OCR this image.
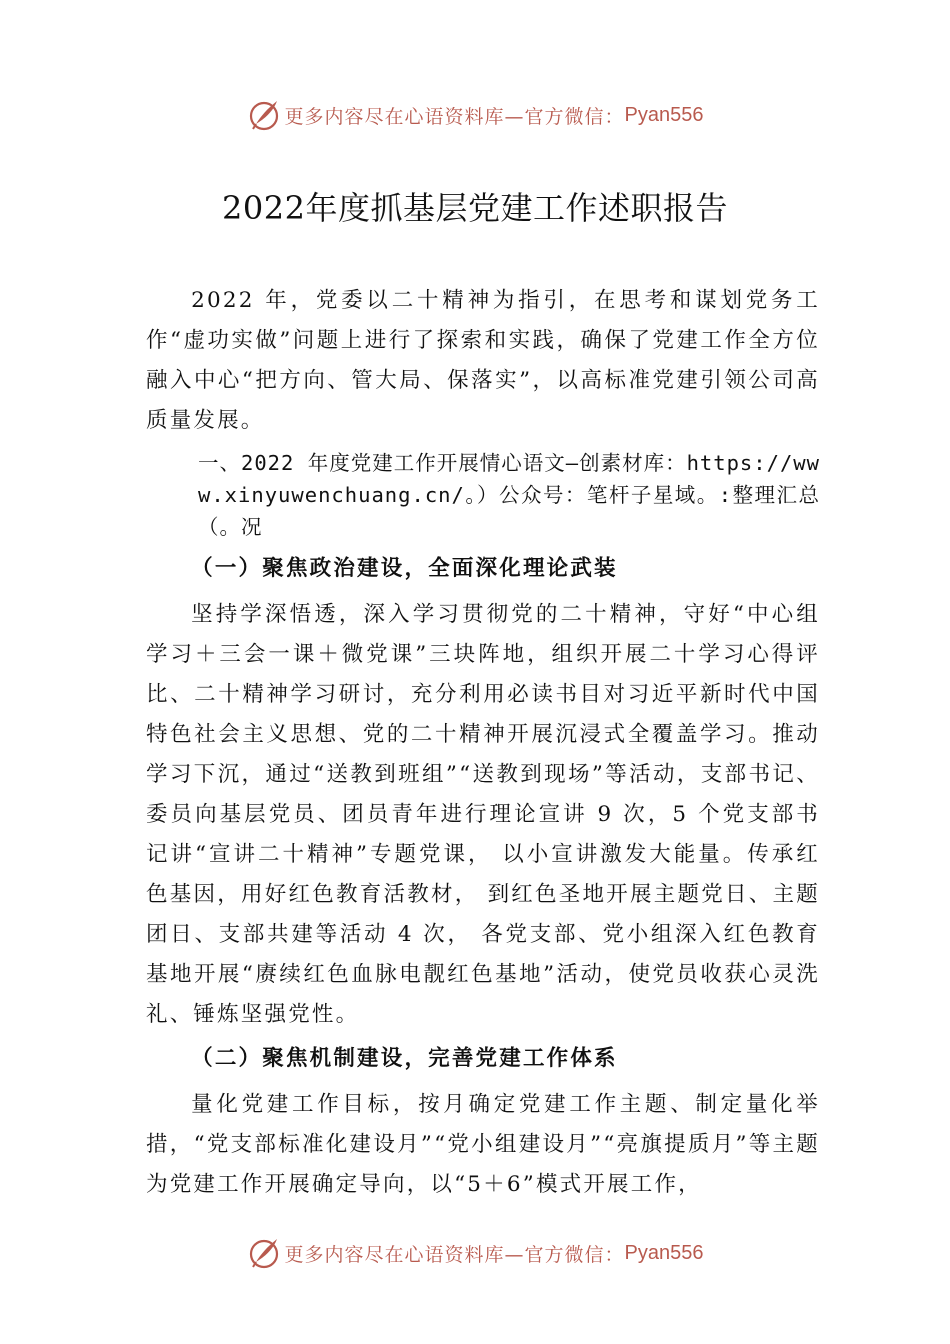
更多内容尽在心语资料库—官方微信： Pyan556
2022年度抓基层党建工作述职报告

2022 年，党委以二十精神为指引，在思考和谋划党务工作“虚功实做”问题上进行了探索和实践，确保了党建工作全方位融入中心“把方向、管大局、保落实”，以高标准党建引领公司高质量发展。

一、2022 年度党建工作开展情心语文—创素材库：https://www.xinyuwenchuang.cn/。）公众号：笔杆子星域。:整理汇总（。况

（一）聚焦政治建设，全面深化理论武装

坚持学深悟透，深入学习贯彻党的二十精神，守好“中心组学习＋三会一课＋微党课”三块阵地，组织开展二十学习心得评比、二十精神学习研讨，充分利用必读书目对习近平新时代中国特色社会主义思想、党的二十精神开展沉浸式全覆盖学习。推动学习下沉，通过“送教到班组”“送教到现场”等活动，支部书记、委员向基层党员、团员青年进行理论宣讲 9 次，5 个党支部书记讲“宣讲二十精神”专题党课， 以小宣讲激发大能量。传承红色基因，用好红色教育活教材， 到红色圣地开展主题党日、主题团日、支部共建等活动 4 次， 各党支部、党小组深入红色教育基地开展“赓续红色血脉电靓红色基地”活动，使党员收获心灵洗礼、锤炼坚强党性。

（二）聚焦机制建设，完善党建工作体系

量化党建工作目标，按月确定党建工作主题、制定量化举措，“党支部标准化建设月”“党小组建设月”“亮旗提质月”等主题为党建工作开展确定导向，以“5＋6”模式开展工作，

更多内容尽在心语资料库—官方微信： Pyan556
